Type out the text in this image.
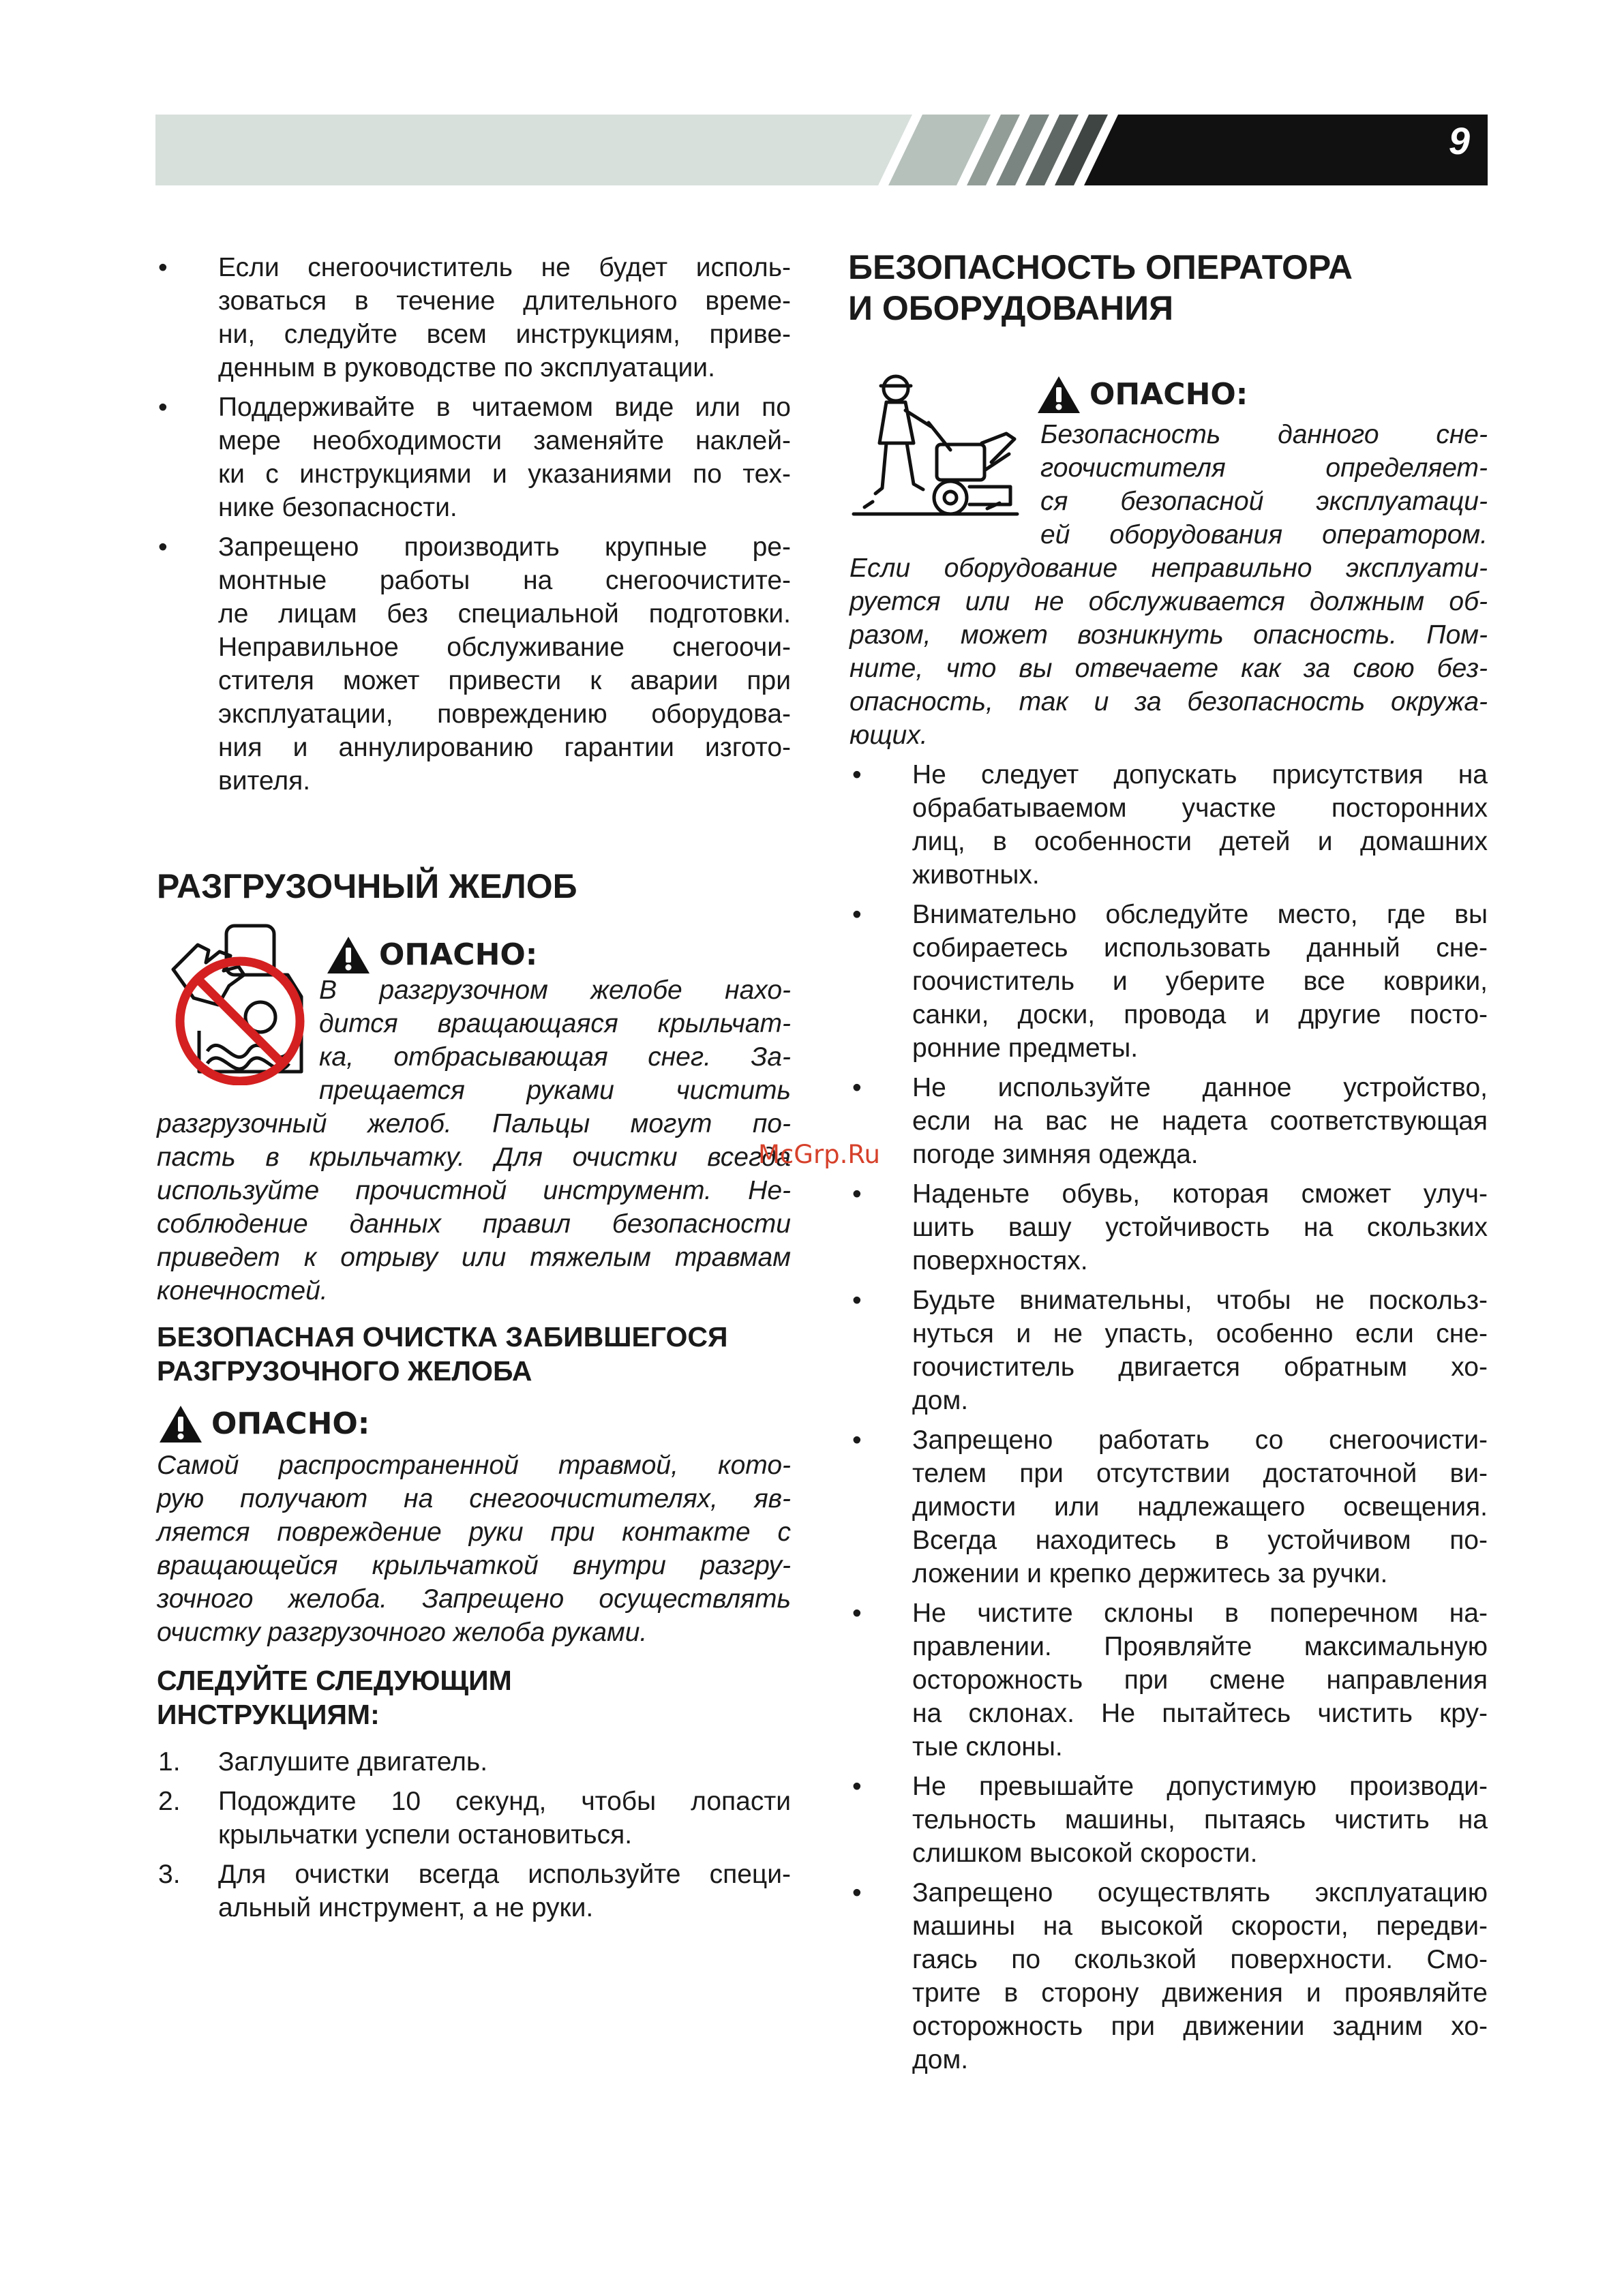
9
• Если снегоочиститель не будет исполь-
зоваться в течение длительного време-
ни, следуйте всем инструкциям, приве-
денным в руководстве по эксплуатации.
• Поддерживайте в читаемом виде или по
мере необходимости заменяйте наклей-
ки с инструкциями и указаниями по тех-
нике безопасности.
• Запрещено производить крупные ре-
монтные работы на снегоочистите-
ле лицам без специальной подготовки.
Неправильное обслуживание снегоочи-
стителя может привести к аварии при
эксплуатации, повреждению оборудова-
ния и аннулированию гарантии изгото-
вителя.
РАЗГРУЗОЧНЫЙ ЖЕЛОБ
ОПАСНО:
В разгрузочном желобе нахо-
дится вращающаяся крыльчат-
ка, отбрасывающая снег. За-
прещается руками чистить
разгрузочный желоб. Пальцы могут по-
пасть в крыльчатку. Для очистки всегда
используйте прочистной инструмент. Не-
соблюдение данных правил безопасности
приведет к отрыву или тяжелым травмам
конечностей.
БЕЗОПАСНАЯ ОЧИСТКА ЗАБИВШЕГОСЯ
РАЗГРУЗОЧНОГО ЖЕЛОБА
ОПАСНО:
Самой распространенной травмой, кото-
рую получают на снегоочистителях, яв-
ляется повреждение руки при контакте с
вращающейся крыльчаткой внутри разгру-
зочного желоба. Запрещено осуществлять
очистку разгрузочного желоба руками.
СЛЕДУЙТЕ СЛЕДУЮЩИМ
ИНСТРУКЦИЯМ:
1. Заглушите двигатель.
2. Подождите 10 секунд, чтобы лопасти
крыльчатки успели остановиться.
3. Для очистки всегда используйте специ-
альный инструмент, а не руки.
БЕЗОПАСНОСТЬ ОПЕРАТОРА
И ОБОРУДОВАНИЯ
ОПАСНО:
Безопасность данного сне-
гоочистителя определяет-
ся безопасной эксплуатаци-
ей оборудования оператором.
Если оборудование неправильно эксплуати-
руется или не обслуживается должным об-
разом, может возникнуть опасность. Пом-
ните, что вы отвечаете как за свою без-
опасность, так и за безопасность окружа-
ющих.
• Не следует допускать присутствия на
обрабатываемом участке посторонних
лиц, в особенности детей и домашних
животных.
• Внимательно обследуйте место, где вы
собираетесь использовать данный сне-
гоочиститель и уберите все коврики,
санки, доски, провода и другие посто-
ронние предметы.
• Не используйте данное устройство,
если на вас не надета соответствующая
погоде зимняя одежда.
• Наденьте обувь, которая сможет улуч-
шить вашу устойчивость на скользких
поверхностях.
• Будьте внимательны, чтобы не поскольз-
нуться и не упасть, особенно если сне-
гоочиститель двигается обратным хо-
дом.
• Запрещено работать со снегоочисти-
телем при отсутствии достаточной ви-
димости или надлежащего освещения.
Всегда находитесь в устойчивом по-
ложении и крепко держитесь за ручки.
• Не чистите склоны в поперечном на-
правлении. Проявляйте максимальную
осторожность при смене направления
на склонах. Не пытайтесь чистить кру-
тые склоны.
• Не превышайте допустимую производи-
тельность машины, пытаясь чистить на
слишком высокой скорости.
• Запрещено осуществлять эксплуатацию
машины на высокой скорости, передви-
гаясь по скользкой поверхности. Смо-
трите в сторону движения и проявляйте
осторожность при движении задним хо-
дом.
McGrp.Ru
